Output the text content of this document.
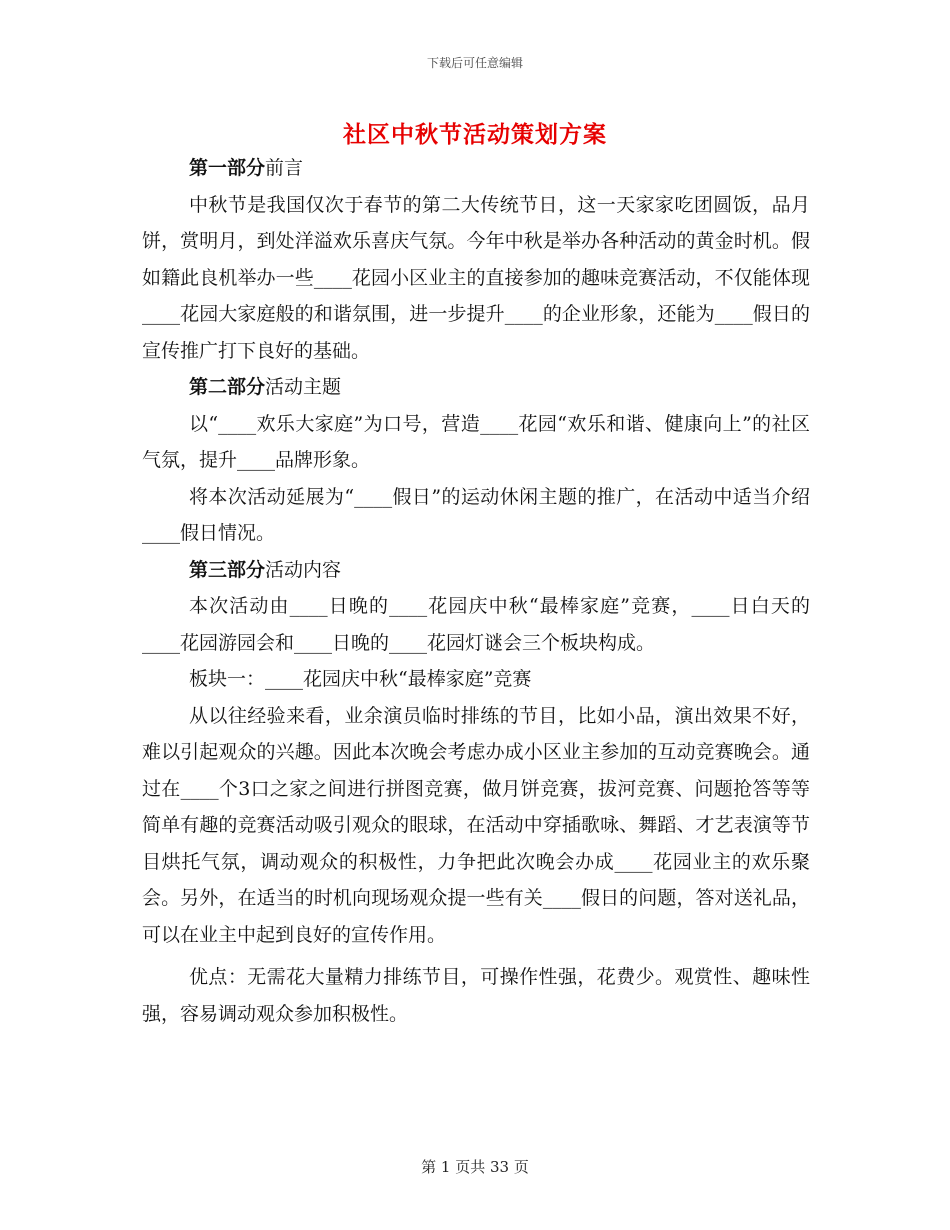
下载后可任意编辑
社区中秋节活动策划方案

第一部分前言

中秋节是我国仅次于春节的第二大传统节日，这一天家家吃团圆饭，品月饼，赏明月，到处洋溢欢乐喜庆气氛。今年中秋是举办各种活动的黄金时机。假如籍此良机举办一些____花园小区业主的直接参加的趣味竞赛活动，不仅能体现____花园大家庭般的和谐氛围，进一步提升____的企业形象，还能为____假日的宣传推广打下良好的基础。

第二部分活动主题

以“____欢乐大家庭”为口号，营造____花园“欢乐和谐、健康向上”的社区气氛，提升____品牌形象。

将本次活动延展为“____假日”的运动休闲主题的推广，在活动中适当介绍____假日情况。

第三部分活动内容

本次活动由____日晚的____花园庆中秋“最棒家庭”竞赛，____日白天的____花园游园会和____日晚的____花园灯谜会三个板块构成。

板块一：____花园庆中秋“最棒家庭”竞赛

从以往经验来看，业余演员临时排练的节目，比如小品，演出效果不好，难以引起观众的兴趣。因此本次晚会考虑办成小区业主参加的互动竞赛晚会。通过在____个3口之家之间进行拼图竞赛，做月饼竞赛，拔河竞赛、问题抢答等等简单有趣的竞赛活动吸引观众的眼球，在活动中穿插歌咏、舞蹈、才艺表演等节目烘托气氛，调动观众的积极性，力争把此次晚会办成____花园业主的欢乐聚会。另外，在适当的时机向现场观众提一些有关____假日的问题，答对送礼品，可以在业主中起到良好的宣传作用。

优点：无需花大量精力排练节目，可操作性强，花费少。观赏性、趣味性强，容易调动观众参加积极性。

第 1 页共 33 页
